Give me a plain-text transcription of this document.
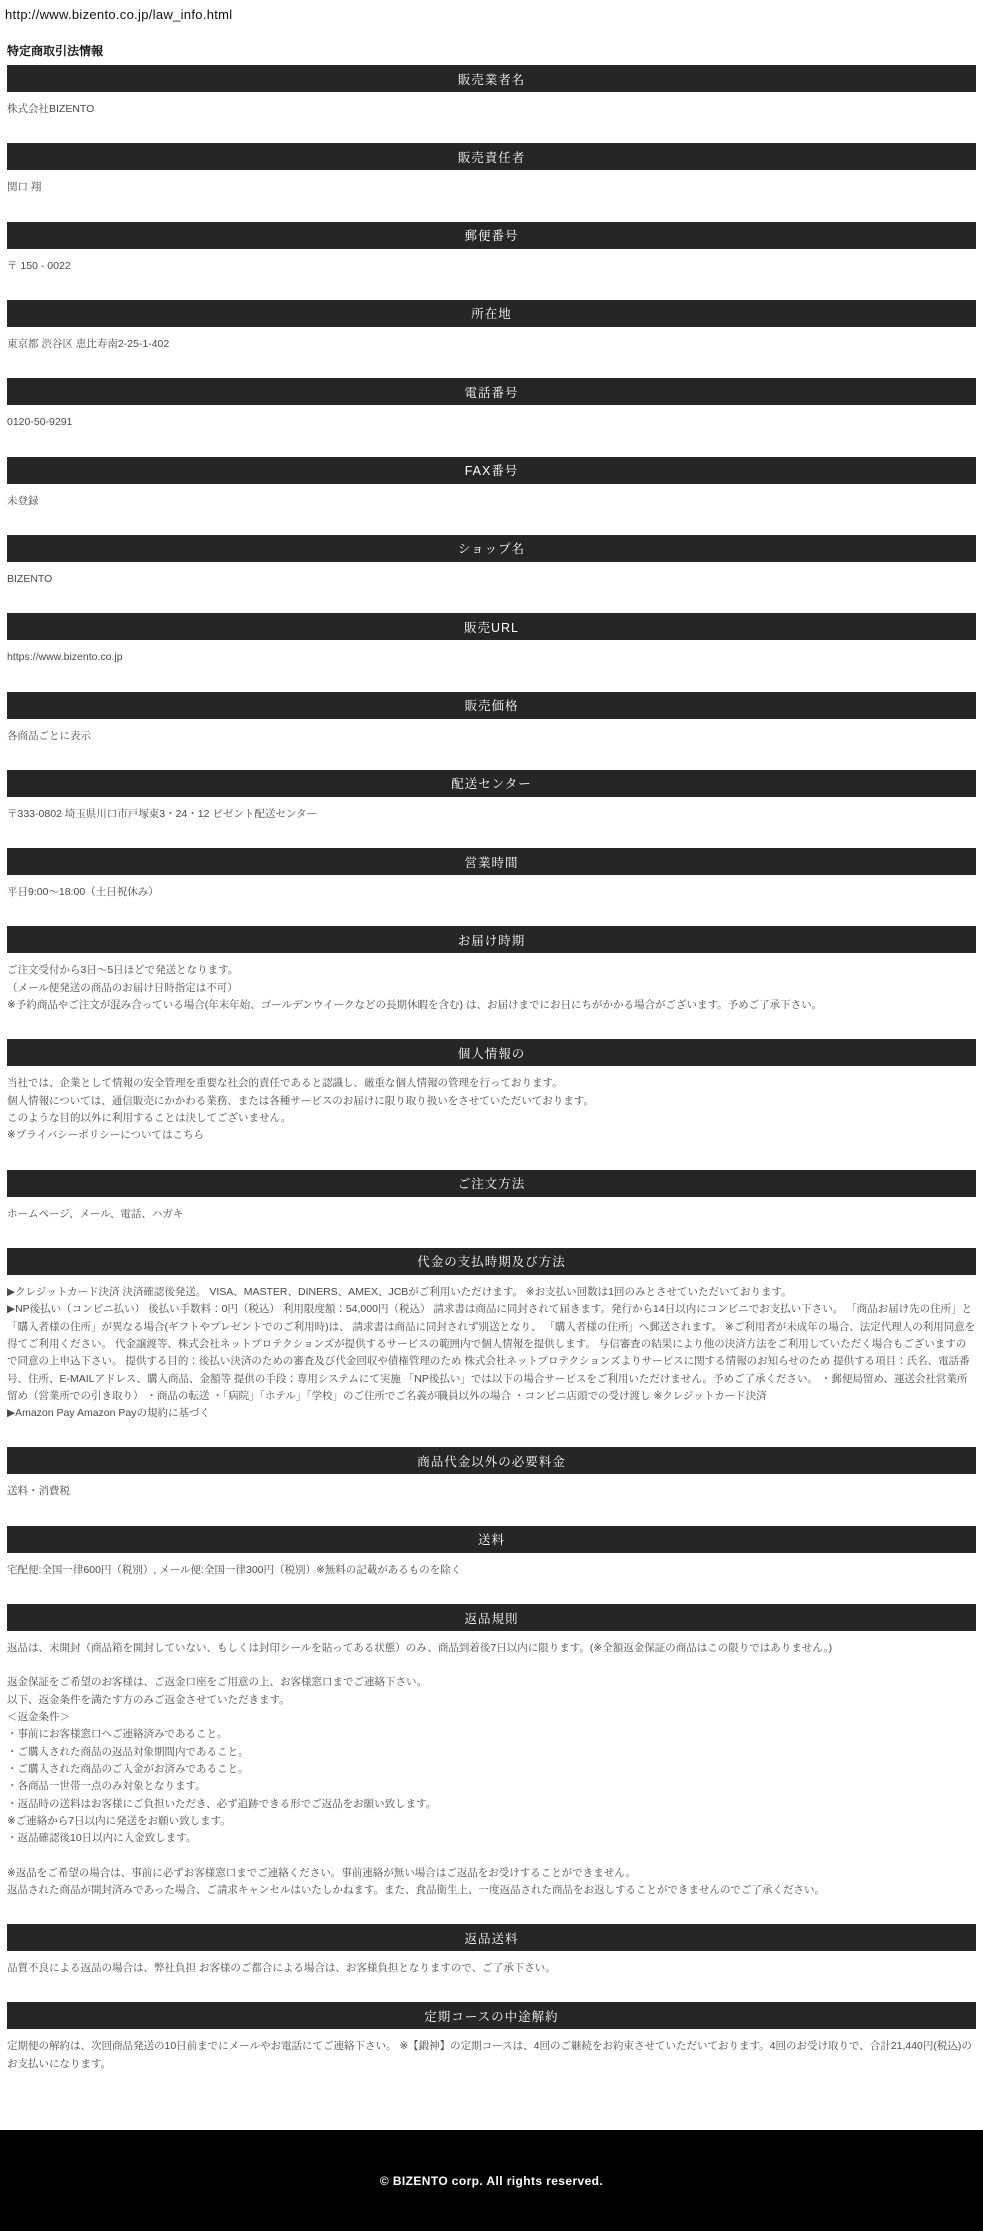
http://www.bizento.co.jp/law_info.html
特定商取引法情報
販売業者名

株式会社BIZENTO

販売責任者

関口 翔

郵便番号

〒 150 - 0022

所在地

東京都 渋谷区 恵比寿南2-25-1-402

電話番号

0120-50-9291

FAX番号

未登録

ショップ名

BIZENTO

販売URL

https://www.bizento.co.jp

販売価格

各商品ごとに表示

配送センター

〒333-0802 埼玉県川口市戸塚東3・24・12 ビゼント配送センター

営業時間

平日9:00〜18:00（土日祝休み）

お届け時期

ご注文受付から3日〜5日ほどで発送となります。

（メール便発送の商品のお届け日時指定は不可）

※予約商品やご注文が混み合っている場合(年末年始、ゴールデンウイークなどの長期休暇を含む) は、お届けまでにお日にちがかかる場合がございます。予めご了承下さい。

個人情報の

当社では、企業として情報の安全管理を重要な社会的責任であると認識し、厳重な個人情報の管理を行っております。

個人情報については、通信販売にかかわる業務、または各種サービスのお届けに限り取り扱いをさせていただいております。

このような目的以外に利用することは決してございません。

※プライバシーポリシーについてはこちら

ご注文方法

ホームページ、メール、電話、ハガキ

代金の支払時期及び方法

▶クレジットカード決済 決済確認後発送。 VISA、MASTER、DINERS、AMEX、JCBがご利用いただけます。 ※お支払い回数は1回のみとさせていただいております。

▶NP後払い（コンビニ払い） 後払い手数料：0円（税込） 利用限度額：54,000円（税込） 請求書は商品に同封されて届きます。発行から14日以内にコンビニでお支払い下さい。 「商品お届け先の住所」と「購入者様の住所」が異なる場合(ギフトやプレゼントでのご利用時)は、 請求書は商品に同封されず別送となり、 「購入者様の住所」へ郵送されます。 ※ご利用者が未成年の場合、法定代理人の利用同意を得てご利用ください。 代金譲渡等、株式会社ネットプロテクションズが提供するサービスの範囲内で個人情報を提供します。 与信審査の結果により他の決済方法をご利用していただく場合もございますので同意の上申込下さい。 提供する目的：後払い決済のための審査及び代金回収や債権管理のため 株式会社ネットプロテクションズよりサービスに関する情報のお知らせのため 提供する項目：氏名、電話番号、住所、E-MAILアドレス、購入商品、金額等 提供の手段：専用システムにて実施 「NP後払い」では以下の場合サービスをご利用いただけません。予めご了承ください。 ・郵便局留め、運送会社営業所留め（営業所での引き取り） ・商品の転送 ・「病院」「ホテル」「学校」のご住所でご名義が職員以外の場合 ・コンビニ店頭での受け渡し ※クレジットカード決済

▶Amazon Pay Amazon Payの規約に基づく

商品代金以外の必要料金

送料・消費税

送料

宅配便:全国一律600円（税別）, メール便:全国一律300円（税別）※無料の記載があるものを除く

返品規則

返品は、未開封（商品箱を開封していない、もしくは封印シールを貼ってある状態）のみ、商品到着後7日以内に限ります。(※全額返金保証の商品はこの限りではありません。)

返金保証をご希望のお客様は、ご返金口座をご用意の上、お客様窓口までご連絡下さい。

以下、返金条件を満たす方のみご返金させていただきます。

＜返金条件＞

・事前にお客様窓口へご連絡済みであること。

・ご購入された商品の返品対象期間内であること。

・ご購入された商品のご入金がお済みであること。

・各商品一世帯一点のみ対象となります。

・返品時の送料はお客様にご負担いただき、必ず追跡できる形でご返品をお願い致します。

※ご連絡から7日以内に発送をお願い致します。

・返品確認後10日以内に入金致します。

※返品をご希望の場合は、事前に必ずお客様窓口までご連絡ください。事前連絡が無い場合はご返品をお受けすることができません。

返品された商品が開封済みであった場合、ご請求キャンセルはいたしかねます。また、食品衛生上、一度返品された商品をお返しすることができませんのでご了承ください。

返品送料

品質不良による返品の場合は、弊社負担 お客様のご都合による場合は、お客様負担となりますので、ご了承下さい。

定期コースの中途解約

定期便の解約は、次回商品発送の10日前までにメールやお電話にてご連絡下さい。 ※【鍛神】の定期コースは、4回のご継続をお約束させていただいております。4回のお受け取りで、合計21,440円(税込)のお支払いになります。

© BIZENTO corp. All rights reserved.
